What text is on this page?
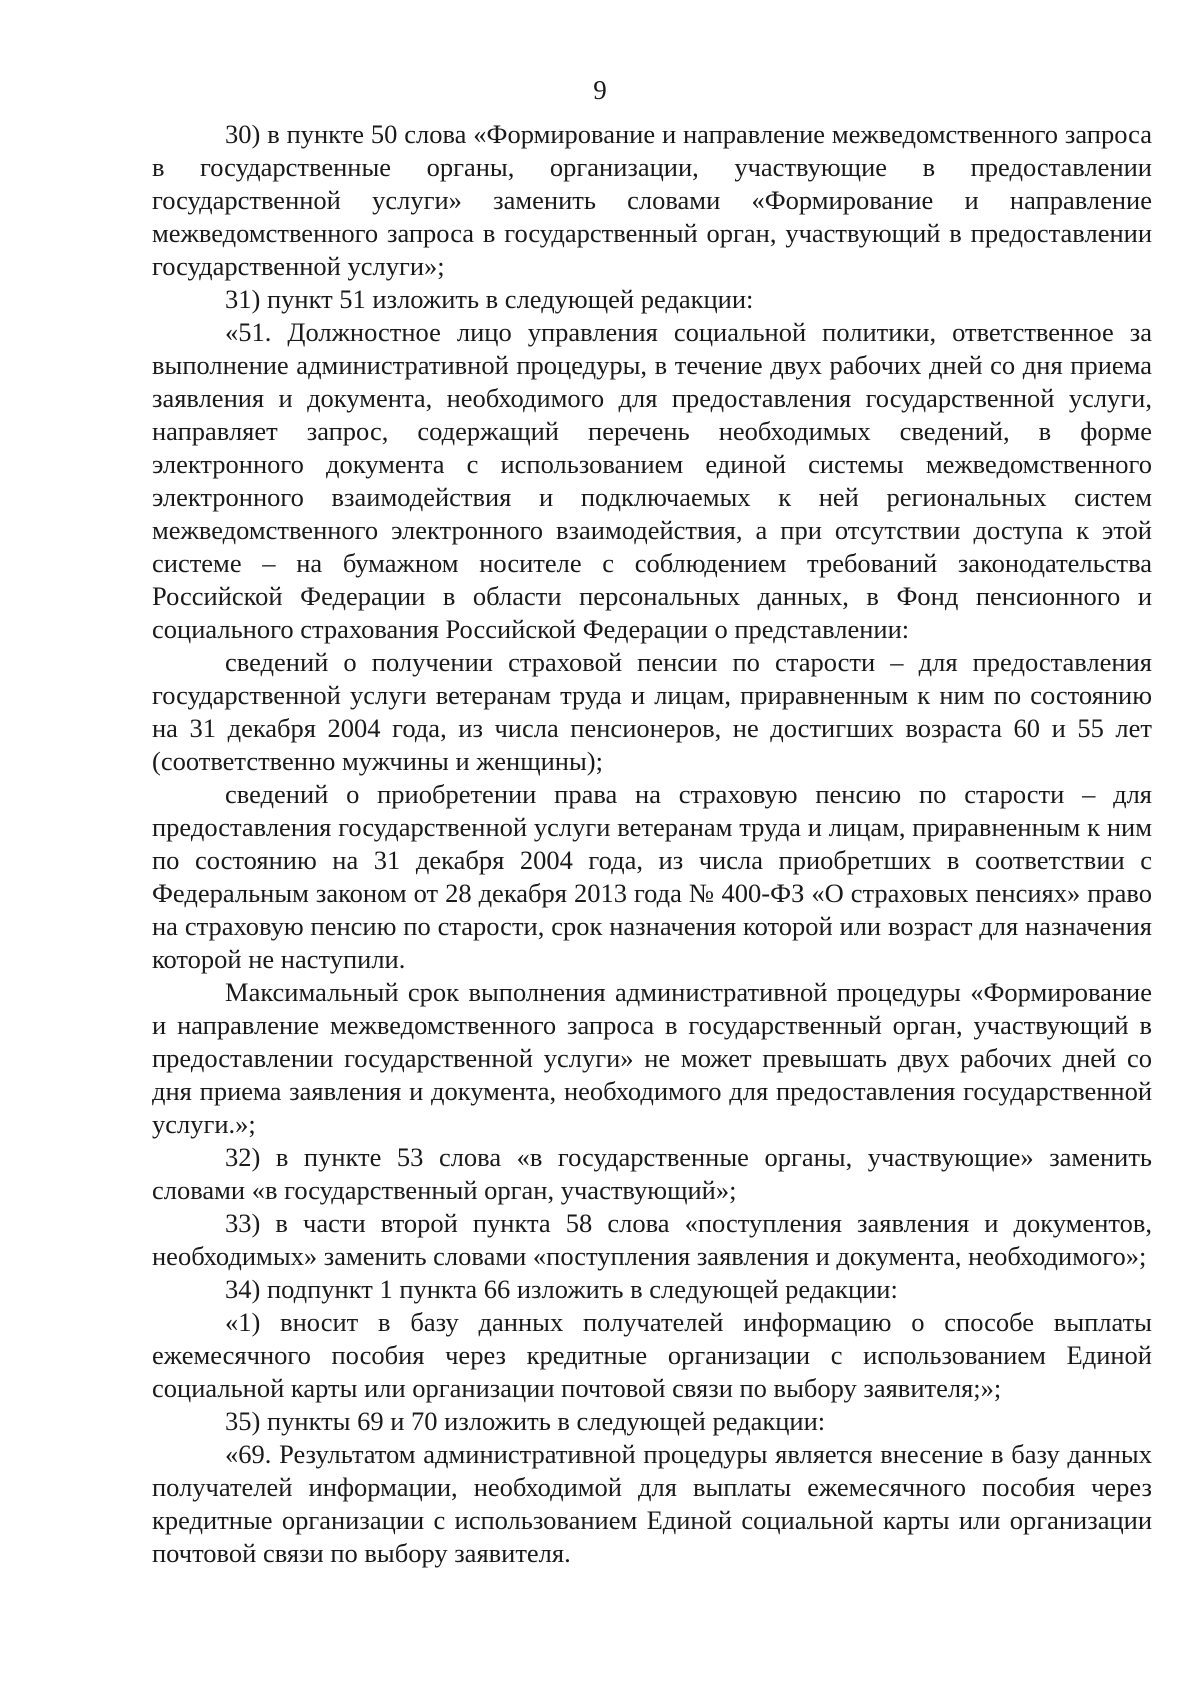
9

30) в пункте 50 слова «Формирование и направление межведомственного запроса в государственные органы, организации, участвующие в предоставлении государственной услуги» заменить словами «Формирование и направление межведомственного запроса в государственный орган, участвующий в предоставлении государственной услуги»;

31) пункт 51 изложить в следующей редакции:

«51. Должностное лицо управления социальной политики, ответственное за выполнение административной процедуры, в течение двух рабочих дней со дня приема заявления и документа, необходимого для предоставления государственной услуги, направляет запрос, содержащий перечень необходимых сведений, в форме электронного документа с использованием единой системы межведомственного электронного взаимодействия и подключаемых к ней региональных систем межведомственного электронного взаимодействия, а при отсутствии доступа к этой системе – на бумажном носителе с соблюдением требований законодательства Российской Федерации в области персональных данных, в Фонд пенсионного и социального страхования Российской Федерации о представлении:

сведений о получении страховой пенсии по старости – для предоставления государственной услуги ветеранам труда и лицам, приравненным к ним по состоянию на 31 декабря 2004 года, из числа пенсионеров, не достигших возраста 60 и 55 лет (соответственно мужчины и женщины);

сведений о приобретении права на страховую пенсию по старости – для предоставления государственной услуги ветеранам труда и лицам, приравненным к ним по состоянию на 31 декабря 2004 года, из числа приобретших в соответствии с Федеральным законом от 28 декабря 2013 года № 400-ФЗ «О страховых пенсиях» право на страховую пенсию по старости, срок назначения которой или возраст для назначения которой не наступили.

Максимальный срок выполнения административной процедуры «Формирование и направление межведомственного запроса в государственный орган, участвующий в предоставлении государственной услуги» не может превышать двух рабочих дней со дня приема заявления и документа, необходимого для предоставления государственной услуги.»;

32) в пункте 53 слова «в государственные органы, участвующие» заменить словами «в государственный орган, участвующий»;

33) в части второй пункта 58 слова «поступления заявления и документов, необходимых» заменить словами «поступления заявления и документа, необходимого»;

34) подпункт 1 пункта 66 изложить в следующей редакции:

«1) вносит в базу данных получателей информацию о способе выплаты ежемесячного пособия через кредитные организации с использованием Единой социальной карты или организации почтовой связи по выбору заявителя;»;

35) пункты 69 и 70 изложить в следующей редакции:

«69. Результатом административной процедуры является внесение в базу данных получателей информации, необходимой для выплаты ежемесячного пособия через кредитные организации с использованием Единой социальной карты или организации почтовой связи по выбору заявителя.
